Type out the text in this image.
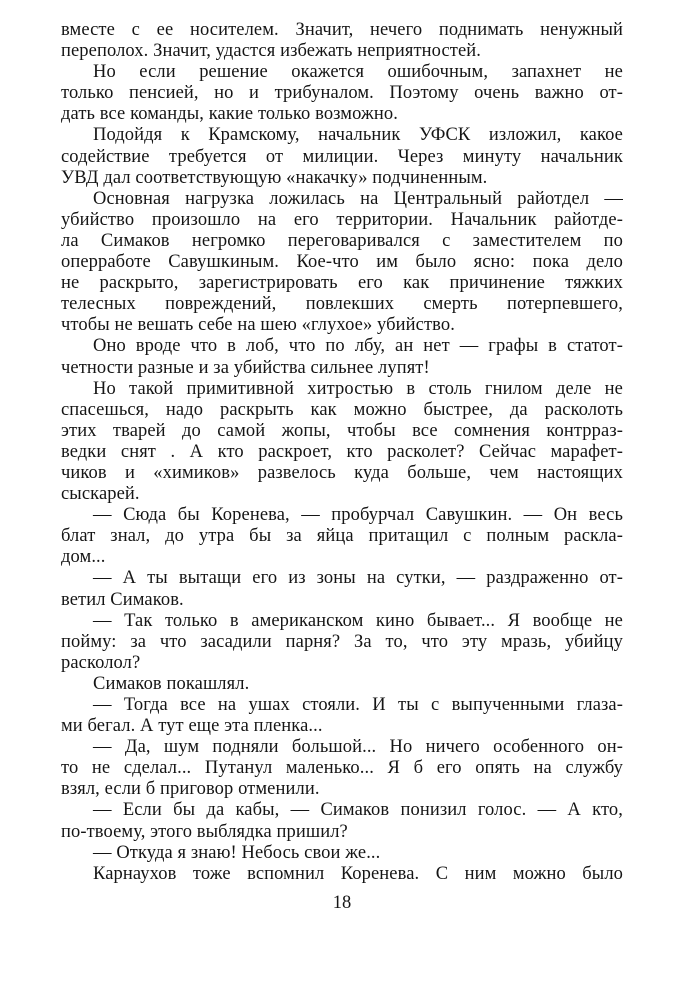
вместе с ее носителем. Значит, нечего поднимать ненужный
переполох. Значит, удастся избежать неприятностей.
Но если решение окажется ошибочным, запахнет не
только пенсией, но и трибуналом. Поэтому очень важно от-
дать все команды, какие только возможно.
Подойдя к Крамскому, начальник УФСК изложил, какое
содействие требуется от милиции. Через минуту начальник
УВД дал соответствующую «накачку» подчиненным.
Основная нагрузка ложилась на Центральный райотдел —
убийство произошло на его территории. Начальник райотде-
ла Симаков негромко переговаривался с заместителем по
оперработе Савушкиным. Кое-что им было ясно: пока дело
не раскрыто, зарегистрировать его как причинение тяжких
телесных повреждений, повлекших смерть потерпевшего,
чтобы не вешать себе на шею «глухое» убийство.
Оно вроде что в лоб, что по лбу, ан нет — графы в статот-
четности разные и за убийства сильнее лупят!
Но такой примитивной хитростью в столь гнилом деле не
спасешься, надо раскрыть как можно быстрее, да расколоть
этих тварей до самой жопы, чтобы все сомнения контрраз-
ведки снят . А кто раскроет, кто расколет? Сейчас марафет-
чиков и «химиков» развелось куда больше, чем настоящих
сыскарей.
— Сюда бы Коренева, — пробурчал Савушкин. — Он весь
блат знал, до утра бы за яйца притащил с полным раскла-
дом...
— А ты вытащи его из зоны на сутки, — раздраженно от-
ветил Симаков.
— Так только в американском кино бывает... Я вообще не
пойму: за что засадили парня? За то, что эту мразь, убийцу
расколол?
Симаков покашлял.
— Тогда все на ушах стояли. И ты с выпученными глаза-
ми бегал. А тут еще эта пленка...
— Да, шум подняли большой... Но ничего особенного он-
то не сделал... Путанул маленько... Я б его опять на службу
взял, если б приговор отменили.
— Если бы да кабы, — Симаков понизил голос. — А кто,
по-твоему, этого выблядка пришил?
— Откуда я знаю! Небось свои же...
Карнаухов тоже вспомнил Коренева. С ним можно было
18
